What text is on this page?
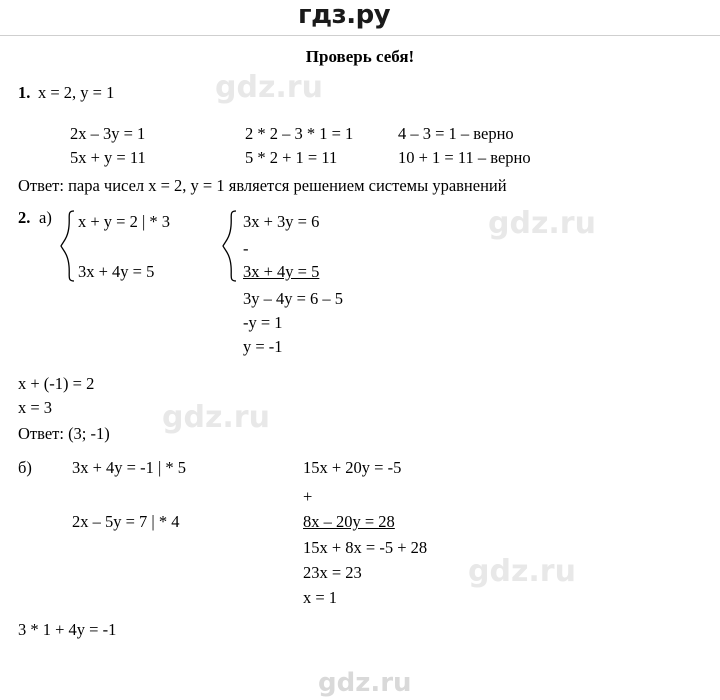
гдз.ру
gdz.ru
gdz.ru
gdz.ru
gdz.ru
gdz.ru
Проверь себя!
1. x = 2, y = 1
2x – 3y = 1	2 * 2 – 3 * 1 = 1	4 – 3 = 1 – верно
5x + y = 11	5 * 2 + 1 = 11	10 + 1 = 11 – верно
Ответ: пара чисел x = 2, y = 1 является решением системы уравнений
2. а) x + y = 2 | * 3
3x + 4y = 5
3x + 3y = 6
-
3x + 4y = 5
3y – 4y = 6 – 5
-y = 1
y = -1
x + (-1) = 2
x = 3
Ответ: (3; -1)
б) 3x + 4y = -1 | * 5
2x – 5y = 7 | * 4
15x + 20y = -5
+
8x – 20y = 28
15x + 8x = -5 + 28
23x = 23
x = 1
3 * 1 + 4y = -1
